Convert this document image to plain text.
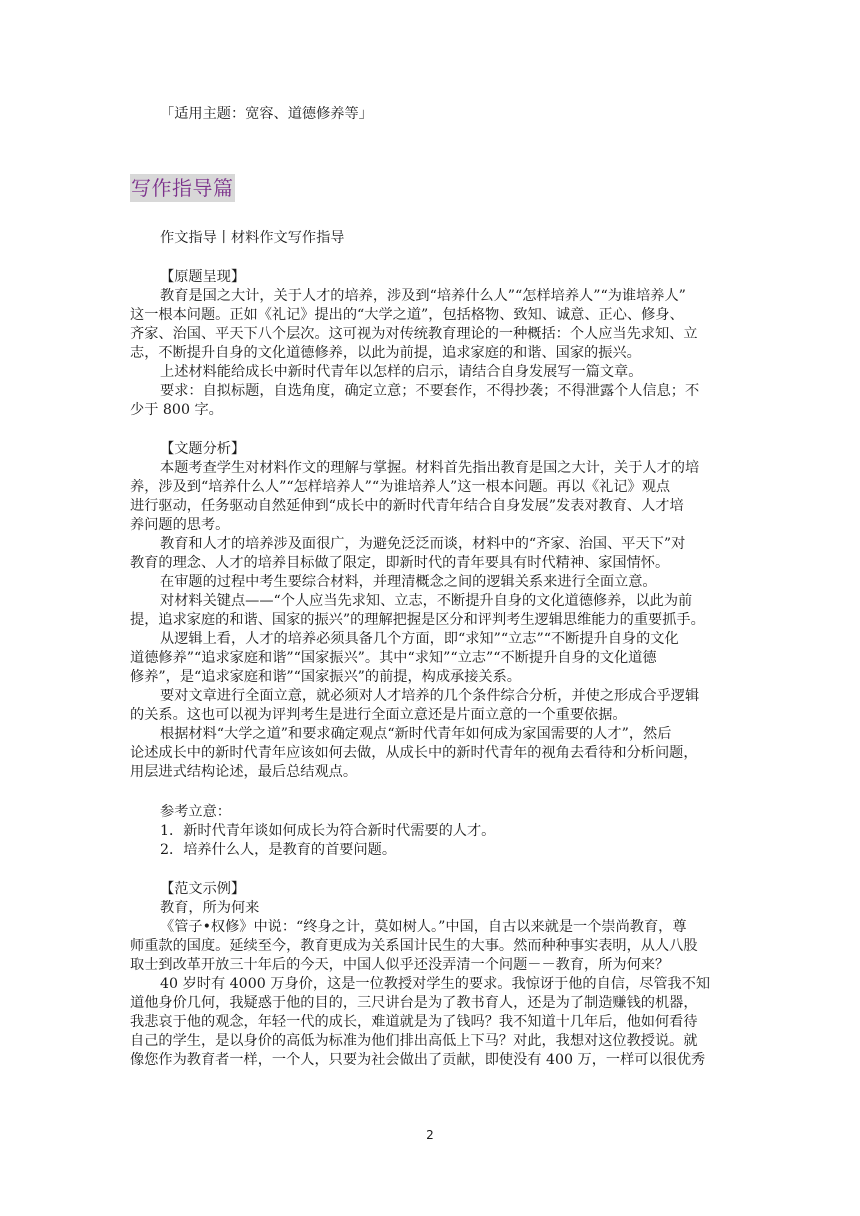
「适用主题：宽容、道德修养等」
写作指导篇
作文指导丨材料作文写作指导
【原题呈现】
教育是国之大计，关于人才的培养，涉及到“培养什么人”“怎样培养人”“为谁培养人”
这一根本问题。正如《礼记》提出的“大学之道”，包括格物、致知、诚意、正心、修身、
齐家、治国、平天下八个层次。这可视为对传统教育理论的一种概括：个人应当先求知、立
志，不断提升自身的文化道德修养，以此为前提，追求家庭的和谐、国家的振兴。
上述材料能给成长中新时代青年以怎样的启示，请结合自身发展写一篇文章。
要求：自拟标题，自选角度，确定立意；不要套作，不得抄袭；不得泄露个人信息；不
少于 800 字。
【文题分析】
本题考查学生对材料作文的理解与掌握。材料首先指出教育是国之大计，关于人才的培
养，涉及到“培养什么人”“怎样培养人”“为谁培养人”这一根本问题。再以《礼记》观点
进行驱动，任务驱动自然延伸到“成长中的新时代青年结合自身发展”发表对教育、人才培
养问题的思考。
教育和人才的培养涉及面很广，为避免泛泛而谈，材料中的“齐家、治国、平天下”对
教育的理念、人才的培养目标做了限定，即新时代的青年要具有时代精神、家国情怀。
在审题的过程中考生要综合材料，并理清概念之间的逻辑关系来进行全面立意。
对材料关键点——“个人应当先求知、立志，不断提升自身的文化道德修养，以此为前
提，追求家庭的和谐、国家的振兴”的理解把握是区分和评判考生逻辑思维能力的重要抓手。
从逻辑上看，人才的培养必须具备几个方面，即“求知”“立志”“不断提升自身的文化
道德修养”“追求家庭和谐”“国家振兴”。其中“求知”“立志”“不断提升自身的文化道德
修养”，是“追求家庭和谐”“国家振兴”的前提，构成承接关系。
要对文章进行全面立意，就必须对人才培养的几个条件综合分析，并使之形成合乎逻辑
的关系。这也可以视为评判考生是进行全面立意还是片面立意的一个重要依据。
根据材料“大学之道”和要求确定观点“新时代青年如何成为家国需要的人才”，然后
论述成长中的新时代青年应该如何去做，从成长中的新时代青年的视角去看待和分析问题，
用层进式结构论述，最后总结观点。
参考立意：
1．新时代青年谈如何成长为符合新时代需要的人才。
2．培养什么人，是教育的首要问题。
【范文示例】
教育，所为何来
《管子•权修》中说：“终身之计，莫如树人。”中国，自古以来就是一个崇尚教育，尊
师重款的国度。延续至今，教育更成为关系国计民生的大事。然而种种事实表明，从人八股
取士到改革开放三十年后的今天，中国人似乎还没弄清一个问题－－教育，所为何来？
40 岁时有 4000 万身价，这是一位教授对学生的要求。我惊讶于他的自信，尽管我不知
道他身价几何，我疑惑于他的目的，三尺讲台是为了教书育人，还是为了制造赚钱的机器，
我悲哀于他的观念，年轻一代的成长，难道就是为了钱吗？我不知道十几年后，他如何看待
自己的学生，是以身价的高低为标准为他们排出高低上下马？对此，我想对这位教授说。就
像您作为教育者一样，一个人，只要为社会做出了贡献，即使没有 400 万，一样可以很优秀
2
